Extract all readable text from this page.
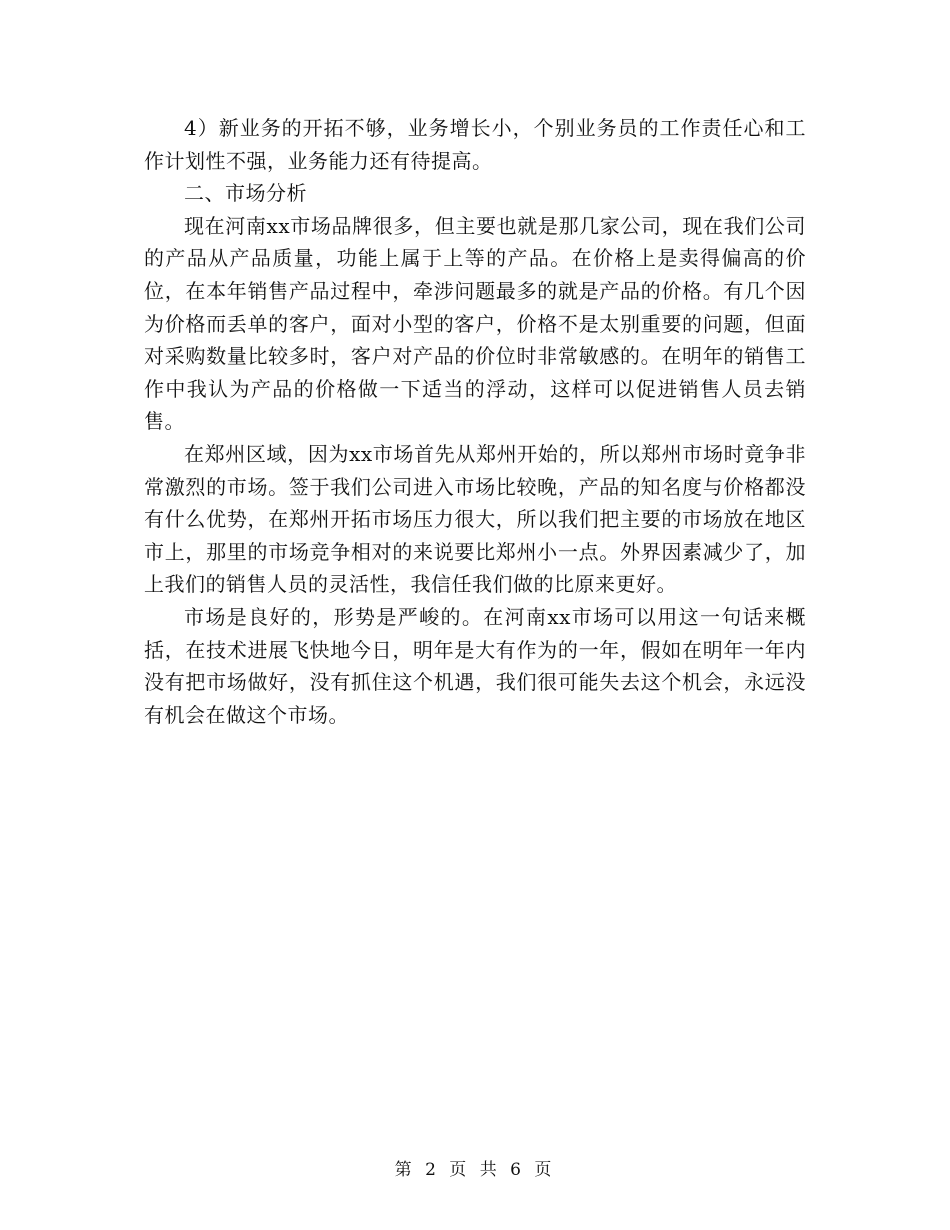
4）新业务的开拓不够，业务增长小，个别业务员的工作责任心和工作计划性不强，业务能力还有待提高。

二、市场分析

现在河南xx市场品牌很多，但主要也就是那几家公司，现在我们公司的产品从产品质量，功能上属于上等的产品。在价格上是卖得偏高的价位，在本年销售产品过程中，牵涉问题最多的就是产品的价格。有几个因为价格而丢单的客户，面对小型的客户，价格不是太别重要的问题，但面对采购数量比较多时，客户对产品的价位时非常敏感的。在明年的销售工作中我认为产品的价格做一下适当的浮动，这样可以促进销售人员去销售。

在郑州区域，因为xx市场首先从郑州开始的，所以郑州市场时竟争非常激烈的市场。签于我们公司进入市场比较晚，产品的知名度与价格都没有什么优势，在郑州开拓市场压力很大，所以我们把主要的市场放在地区市上，那里的市场竞争相对的来说要比郑州小一点。外界因素减少了，加上我们的销售人员的灵活性，我信任我们做的比原来更好。

市场是良好的，形势是严峻的。在河南xx市场可以用这一句话来概括，在技术进展飞快地今日，明年是大有作为的一年，假如在明年一年内没有把市场做好，没有抓住这个机遇，我们很可能失去这个机会，永远没有机会在做这个市场。

第 2 页 共 6 页
